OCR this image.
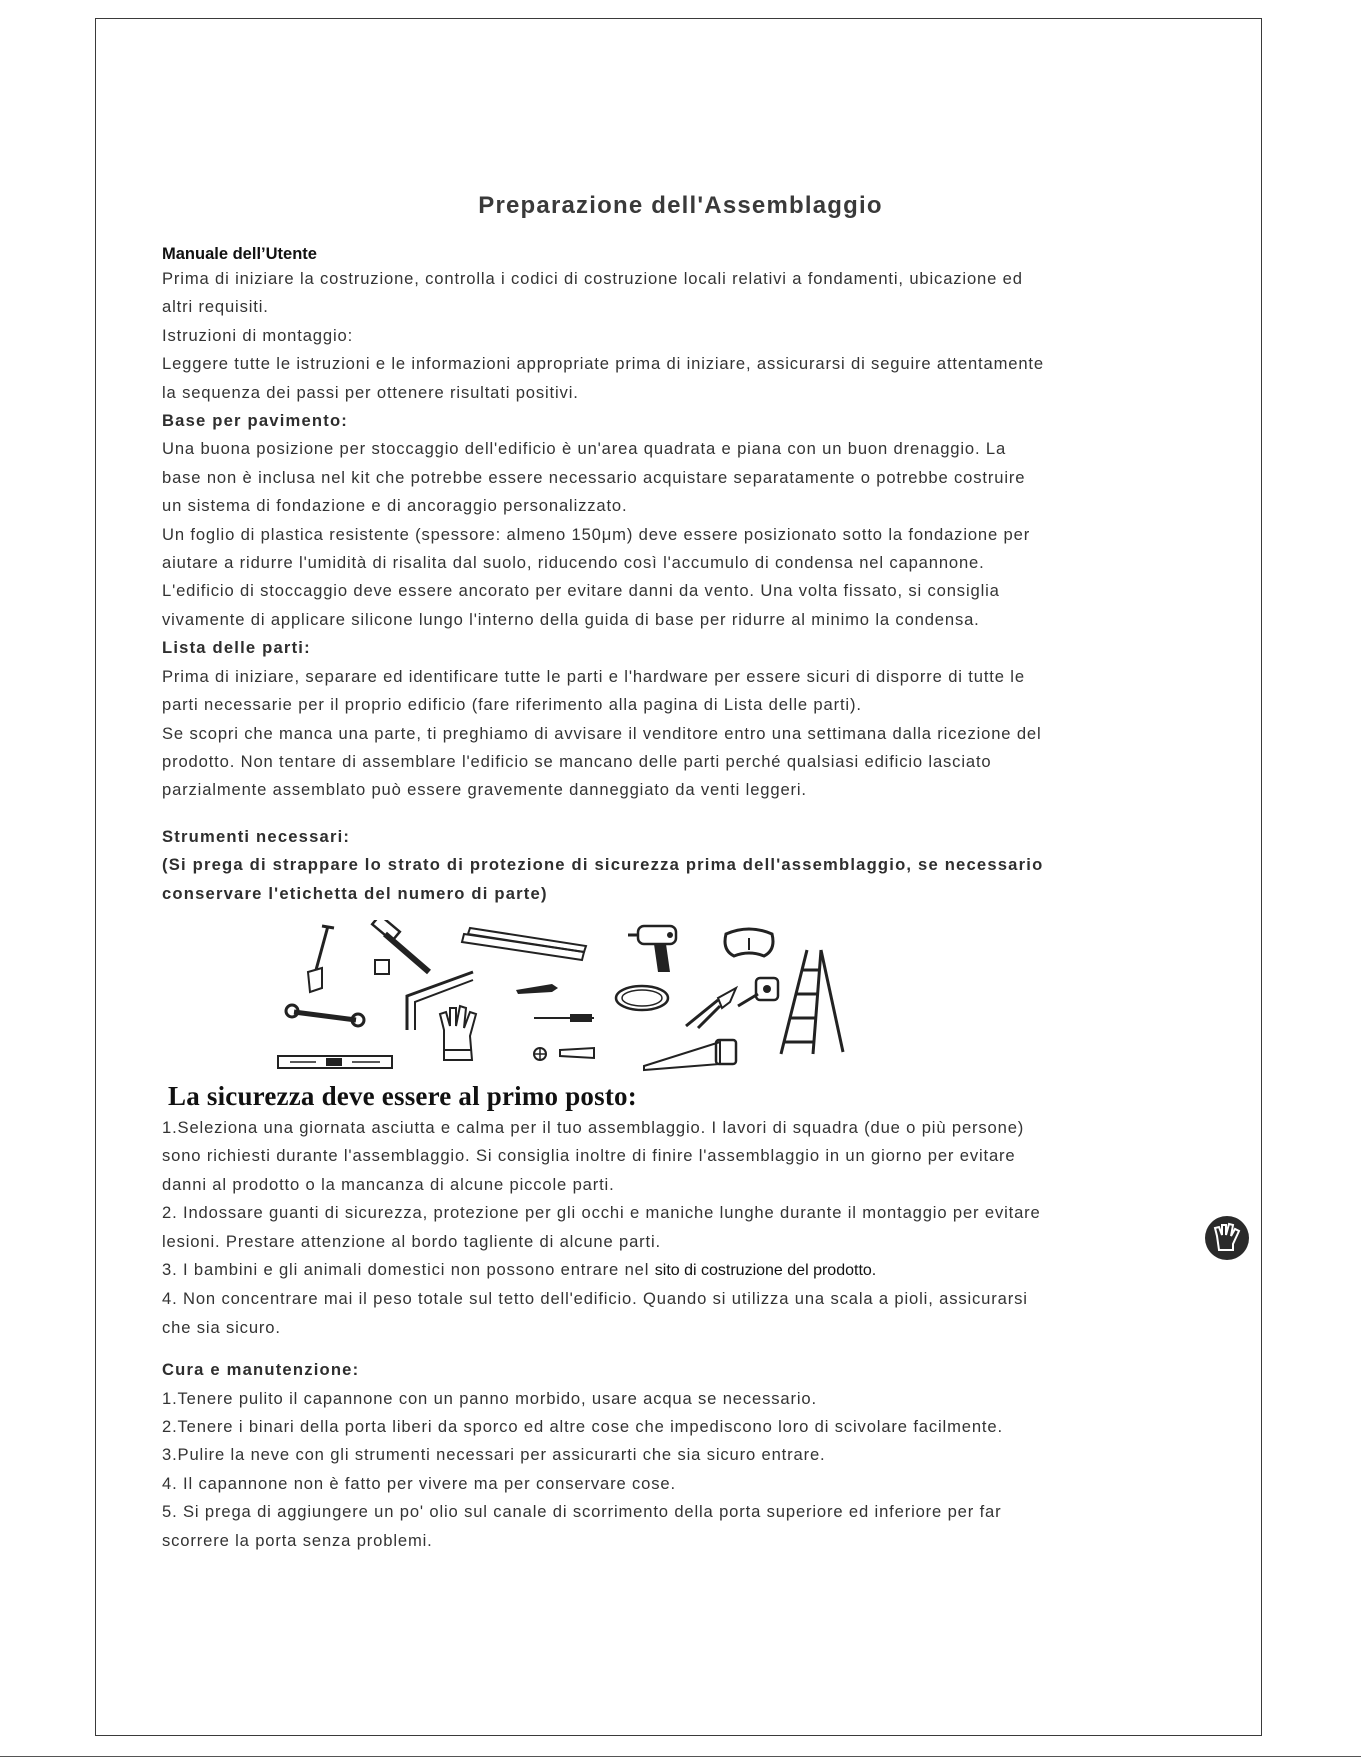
Preparazione dell'Assemblaggio
Manuale dell’Utente
Prima di iniziare la costruzione, controlla i codici di costruzione locali relativi a fondamenti, ubicazione ed
altri requisiti.
Istruzioni di montaggio:
Leggere tutte le istruzioni e le informazioni appropriate prima di iniziare, assicurarsi di seguire attentamente
la sequenza dei passi per ottenere risultati positivi.
Base per pavimento:
Una buona posizione per stoccaggio dell'edificio è un'area quadrata e piana con un buon drenaggio. La
base non è inclusa nel kit che potrebbe essere necessario acquistare separatamente o potrebbe costruire
un sistema di fondazione e di ancoraggio personalizzato.
Un foglio di plastica resistente (spessore: almeno 150μm) deve essere posizionato sotto la fondazione per
aiutare a ridurre l'umidità di risalita dal suolo, riducendo così l'accumulo di condensa nel capannone.
L'edificio di stoccaggio deve essere ancorato per evitare danni da vento. Una volta fissato, si consiglia
vivamente di applicare silicone lungo l'interno della guida di base per ridurre al minimo la condensa.
Lista delle parti:
Prima di iniziare, separare ed identificare tutte le parti e l'hardware per essere sicuri di disporre di tutte le
parti necessarie per il proprio edificio (fare riferimento alla pagina di Lista delle parti).
Se scopri che manca una parte, ti preghiamo di avvisare il venditore entro una settimana dalla ricezione del
prodotto. Non tentare di assemblare l'edificio se mancano delle parti perché qualsiasi edificio lasciato
parzialmente assemblato può essere gravemente danneggiato da venti leggeri.
Strumenti necessari:
(Si prega di strappare lo strato di protezione di sicurezza prima dell'assemblaggio, se necessario
conservare l'etichetta del numero di parte)
La sicurezza deve essere al primo posto:
1.Seleziona una giornata asciutta e calma per il tuo assemblaggio. I lavori di squadra (due o più persone)
sono richiesti durante l'assemblaggio. Si consiglia inoltre di finire l'assemblaggio in un giorno per evitare
danni al prodotto o la mancanza di alcune piccole parti.
2. Indossare guanti di sicurezza, protezione per gli occhi e maniche lunghe durante il montaggio per evitare
lesioni. Prestare attenzione al bordo tagliente di alcune parti.
3. I bambini e gli animali domestici non possono entrare nel sito di costruzione del prodotto.
4. Non concentrare mai il peso totale sul tetto dell'edificio. Quando si utilizza una scala a pioli, assicurarsi
che sia sicuro.
Cura e manutenzione:
1.Tenere pulito il capannone con un panno morbido, usare acqua se necessario.
2.Tenere i binari della porta liberi da sporco ed altre cose che impediscono loro di scivolare facilmente.
3.Pulire la neve con gli strumenti necessari per assicurarti che sia sicuro entrare.
4. Il capannone non è fatto per vivere ma per conservare cose.
5. Si prega di aggiungere un po' olio sul canale di scorrimento della porta superiore ed inferiore per far
scorrere la porta senza problemi.
